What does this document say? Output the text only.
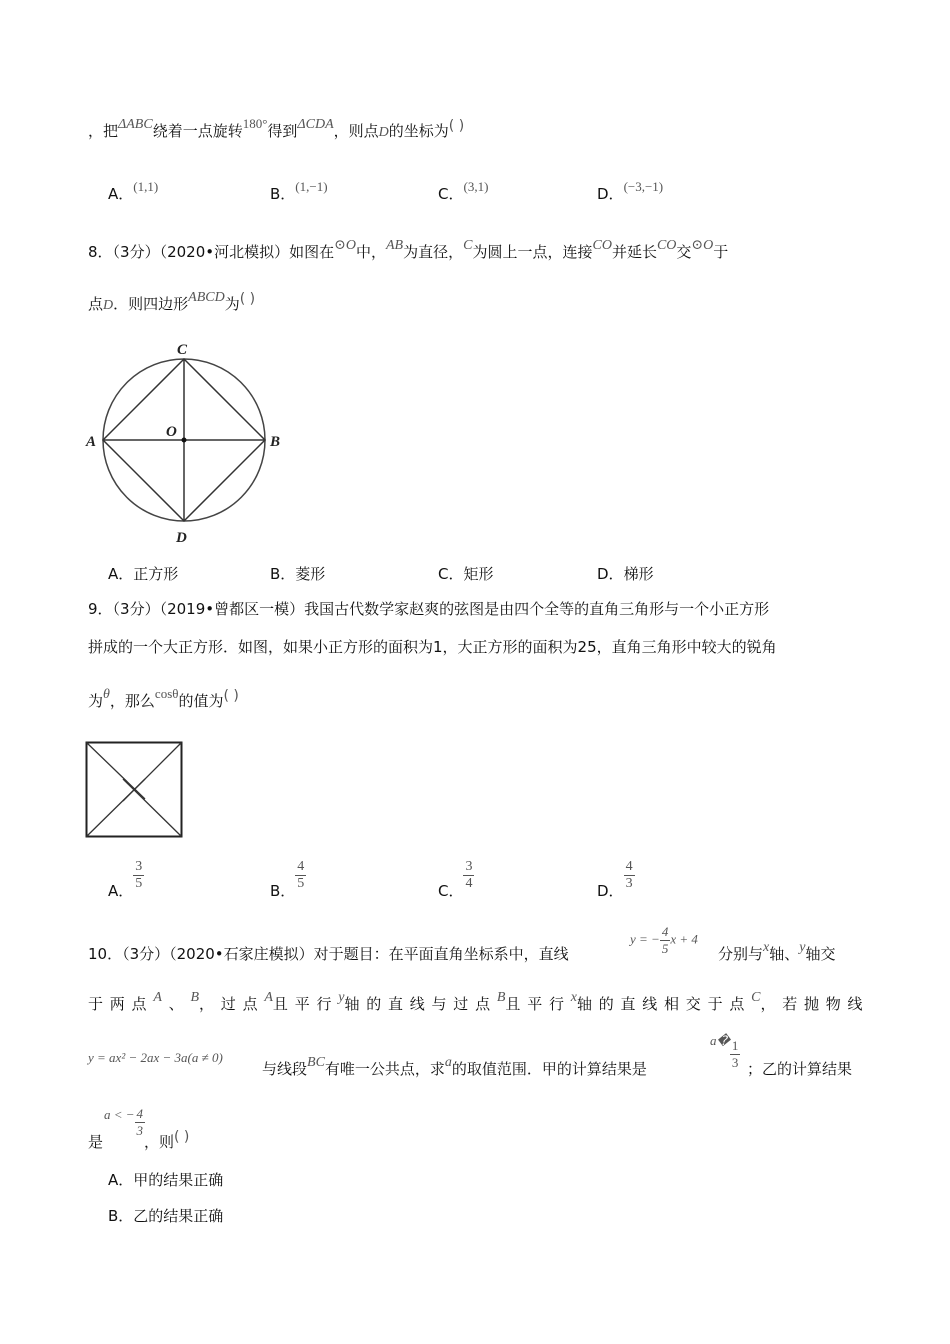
，把ΔABC绕着一点旋转180°得到ΔCDA，则点D的坐标为( )
A．(1,1)	B．(1,−1)	C．(3,1)	D．(−3,−1)
8．（3分）（2020•河北模拟）如图在⊙O中，AB为直径，C为圆上一点，连接CO并延长CO交⊙O于
点D．则四边形ABCD为( )
C
A	B
D
O
A．正方形	B．菱形	C．矩形	D．梯形
9．（3分）（2019•曾都区一模）我国古代数学家赵爽的弦图是由四个全等的直角三角形与一个小正方形
拼成的一个大正方形．如图，如果小正方形的面积为1，大正方形的面积为25，直角三角形中较大的锐角
为θ，那么cosθ的值为( )
A． $\frac{3}{5}$	B． $\frac{4}{5}$	C． $\frac{3}{4}$	D． $\frac{4}{3}$
10．（3分）（2020•石家庄模拟）对于题目：在平面直角坐标系中，直线
y = − $\frac{4}{5}$ x + 4
分别与x轴、y轴交
于 两 点 A 、 B， 过 点 A且 平 行 y轴 的 直 线 与 过 点 B且 平 行 x轴 的 直 线 相 交 于 点 C， 若 抛 物 线
y = ax² − 2ax − 3a(a ≠ 0)
与线段BC有唯一公共点，求a的取值范围．甲的计算结果是
a� $\frac{1}{3}$ ；乙的计算结果
a < − $\frac{4}{3}$
是	，则( )
A．甲的结果正确
B．乙的结果正确
